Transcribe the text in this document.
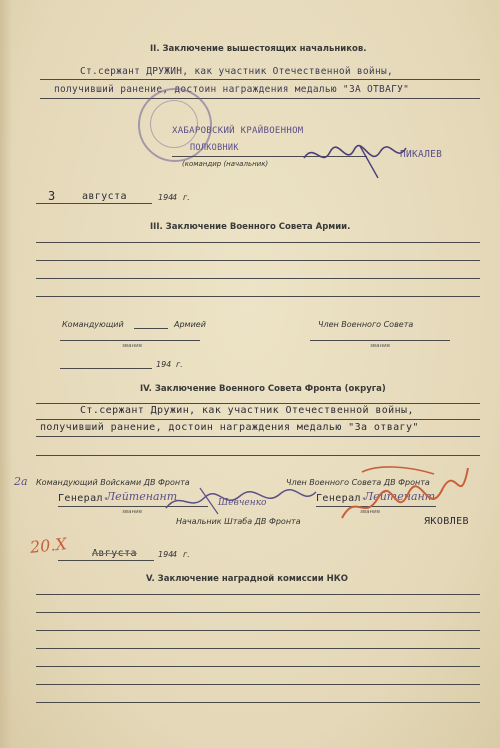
II. Заключение вышестоящих начальников.
Ст.сержант ДРУЖИН, как участник Отечественной войны,
получивший ранение, достоин награждения медалью "ЗА ОТВАГУ"
ХАБАРОВСКИЙ КРАЙВОЕННОМ
ПОЛКОВНИК
(командир (начальник)
ПИКАЛЕВ
3	августа	194
4 г.
III. Заключение Военного Совета Армии.
Командующий	Армией	Член Военного Совета
звание	звание
194 г.
IV. Заключение Военного Совета Фронта (округа)
Ст.сержант Дружин, как участник Отечественной войны,
получивший ранение, достоин награждения медалью "За отвагу"
2а Командующий Войсками ДВ Фронта	Член Военного Совета ДВ Фронта
Генерал-
Лейтенант
звание
Генерал-
Лейтенант
звание
Шевченко
Начальник Штаба ДВ Фронта	ЯКОВЛЕВ
20.Х Августа	194
4 г.
V. Заключение наградной комиссии НКО
